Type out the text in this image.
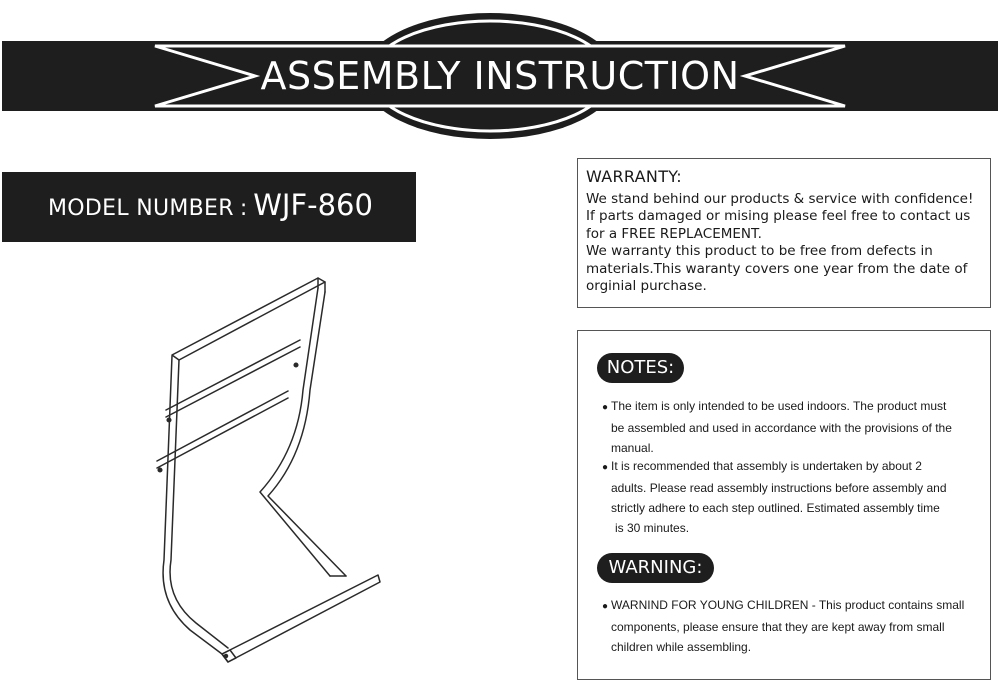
ASSEMBLY INSTRUCTION
MODEL NUMBER : WJF-860
WARRANTY:
We stand behind our products & service with confidence!
If parts damaged or mising please feel free to contact us
for a FREE REPLACEMENT.
We warranty this product to be free from defects in
materials.This waranty covers one year from the date of
orginial purchase.
NOTES:
● The item is only intended to be used indoors. The product must
be assembled and used in accordance with the provisions of the
manual.
● It is recommended that assembly is undertaken by about 2
adults. Please read assembly instructions before assembly and
strictly adhere to each step outlined. Estimated assembly time
is 30 minutes.
WARNING:
● WARNIND FOR YOUNG CHILDREN - This product contains small
components, please ensure that they are kept away from small
children while assembling.
